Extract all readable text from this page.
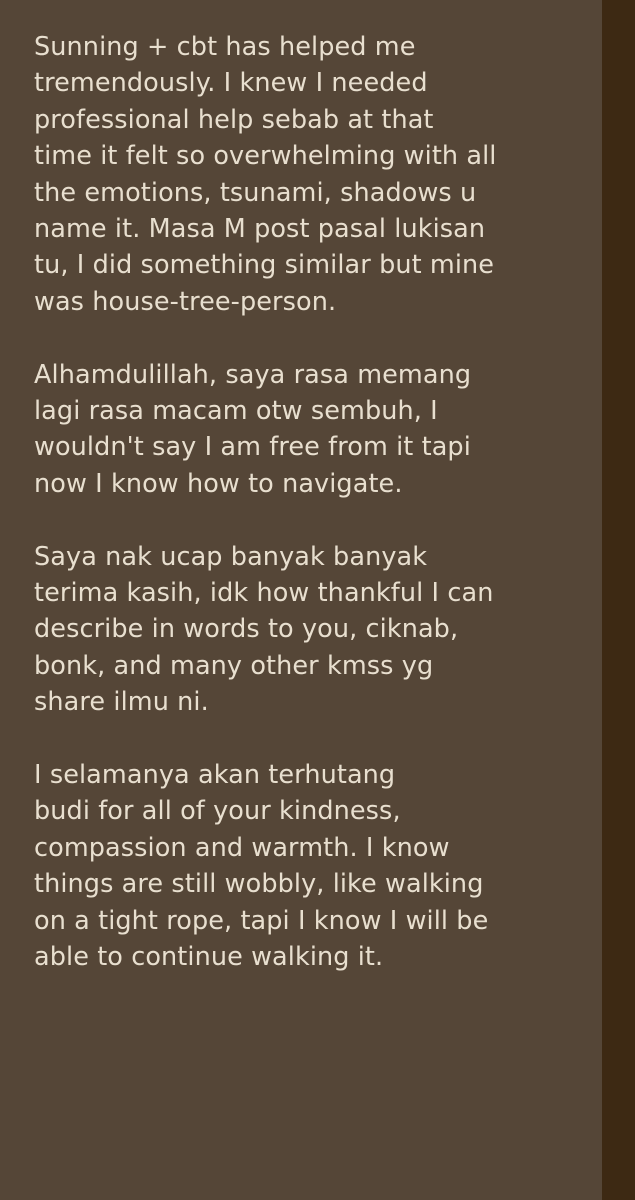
Sunning + cbt has helped me
tremendously. I knew I needed
professional help sebab at that
time it felt so overwhelming with all
the emotions, tsunami, shadows u
name it. Masa M post pasal lukisan
tu, I did something similar but mine
was house-tree-person.

Alhamdulillah, saya rasa memang
lagi rasa macam otw sembuh, I
wouldn't say I am free from it tapi
now I know how to navigate.

Saya nak ucap banyak banyak
terima kasih, idk how thankful I can
describe in words to you, ciknab,
bonk, and many other kmss yg
share ilmu ni.

I selamanya akan terhutang
budi for all of your kindness,
compassion and warmth. I know
things are still wobbly, like walking
on a tight rope, tapi I know I will be
able to continue walking it.
